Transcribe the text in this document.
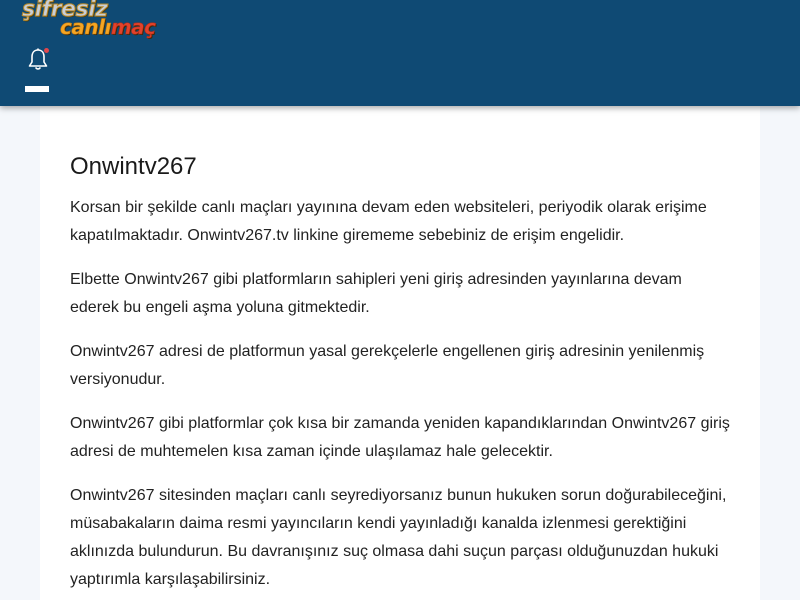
şifresiz
canlımaç
Onwintv267

Korsan bir şekilde canlı maçları yayınına devam eden websiteleri, periyodik olarak erişime kapatılmaktadır. Onwintv267.tv linkine girememe sebebiniz de erişim engelidir.

Elbette Onwintv267 gibi platformların sahipleri yeni giriş adresinden yayınlarına devam ederek bu engeli aşma yoluna gitmektedir.

Onwintv267 adresi de platformun yasal gerekçelerle engellenen giriş adresinin yenilenmiş versiyonudur.

Onwintv267 gibi platformlar çok kısa bir zamanda yeniden kapandıklarından Onwintv267 giriş adresi de muhtemelen kısa zaman içinde ulaşılamaz hale gelecektir.

Onwintv267 sitesinden maçları canlı seyrediyorsanız bunun hukuken sorun doğurabileceğini, müsabakaların daima resmi yayıncıların kendi yayınladığı kanalda izlenmesi gerektiğini aklınızda bulundurun. Bu davranışınız suç olmasa dahi suçun parçası olduğunuzdan hukuki yaptırımla karşılaşabilirsiniz.
